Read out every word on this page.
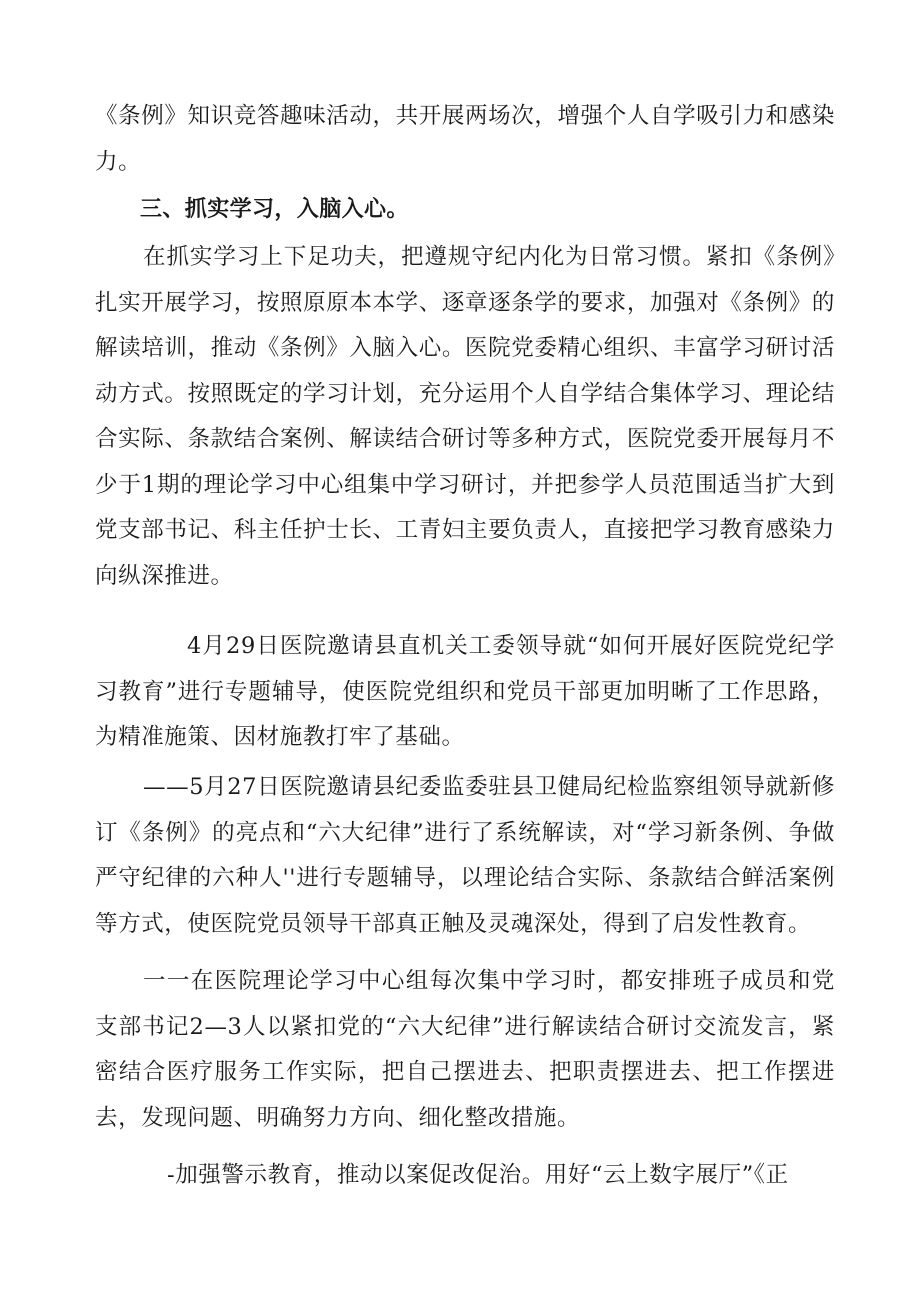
《条例》知识竞答趣味活动，共开展两场次，增强个人自学吸引力和感染力。

三、抓实学习，入脑入心。

在抓实学习上下足功夫，把遵规守纪内化为日常习惯。紧扣《条例》扎实开展学习，按照原原本本学、逐章逐条学的要求，加强对《条例》的解读培训，推动《条例》入脑入心。医院党委精心组织、丰富学习研讨活动方式。按照既定的学习计划，充分运用个人自学结合集体学习、理论结合实际、条款结合案例、解读结合研讨等多种方式，医院党委开展每月不少于1期的理论学习中心组集中学习研讨，并把参学人员范围适当扩大到党支部书记、科主任护士长、工青妇主要负责人，直接把学习教育感染力向纵深推进。

4月29日医院邀请县直机关工委领导就“如何开展好医院党纪学习教育”进行专题辅导，使医院党组织和党员干部更加明晰了工作思路，为精准施策、因材施教打牢了基础。

——5月27日医院邀请县纪委监委驻县卫健局纪检监察组领导就新修订《条例》的亮点和“六大纪律”进行了系统解读，对“学习新条例、争做严守纪律的六种人''进行专题辅导，以理论结合实际、条款结合鲜活案例等方式，使医院党员领导干部真正触及灵魂深处，得到了启发性教育。

一一在医院理论学习中心组每次集中学习时，都安排班子成员和党支部书记2—3人以紧扣党的“六大纪律”进行解读结合研讨交流发言，紧密结合医疗服务工作实际，把自己摆进去、把职责摆进去、把工作摆进去，发现问题、明确努力方向、细化整改措施。

-加强警示教育，推动以案促改促治。用好“云上数字展厅”《正
